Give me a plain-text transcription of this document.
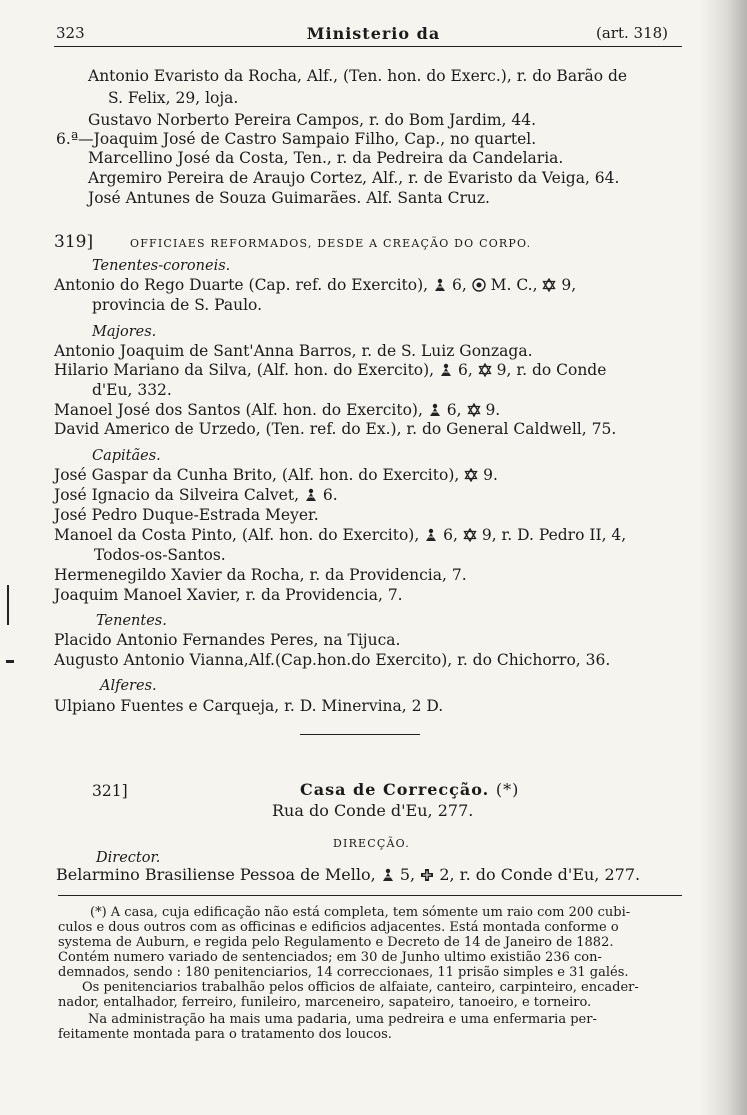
323	Ministerio da	(art. 318)
Antonio Evaristo da Rocha, Alf., (Ten. hon. do Exerc.), r. do Barão de
S. Felix, 29, loja.
Gustavo Norberto Pereira Campos, r. do Bom Jardim, 44.
6.ª—Joaquim José de Castro Sampaio Filho, Cap., no quartel.
Marcellino José da Costa, Ten., r. da Pedreira da Candelaria.
Argemiro Pereira de Araujo Cortez, Alf., r. de Evaristo da Veiga, 64.
José Antunes de Souza Guimarães. Alf. Santa Cruz.
319]	OFFICIAES REFORMADOS, DESDE A CREAÇÃO DO CORPO.
Tenentes-coroneis.
Antonio do Rego Duarte (Cap. ref. do Exercito), 6, M. C., 9,
provincia de S. Paulo.
Majores.
Antonio Joaquim de Sant'Anna Barros, r. de S. Luiz Gonzaga.
Hilario Mariano da Silva, (Alf. hon. do Exercito), 6, 9, r. do Conde
d'Eu, 332.
Manoel José dos Santos (Alf. hon. do Exercito), 6, 9.
David Americo de Urzedo, (Ten. ref. do Ex.), r. do General Caldwell, 75.
Capitães.
José Gaspar da Cunha Brito, (Alf. hon. do Exercito), 9.
José Ignacio da Silveira Calvet, 6.
José Pedro Duque-Estrada Meyer.
Manoel da Costa Pinto, (Alf. hon. do Exercito), 6, 9, r. D. Pedro II, 4,
Todos-os-Santos.
Hermenegildo Xavier da Rocha, r. da Providencia, 7.
Joaquim Manoel Xavier, r. da Providencia, 7.
Tenentes.
Placido Antonio Fernandes Peres, na Tijuca.
Augusto Antonio Vianna,Alf.(Cap.hon.do Exercito), r. do Chichorro, 36.
Alferes.
Ulpiano Fuentes e Carqueja, r. D. Minervina, 2 D.
321]	Casa de Correcção. (*)
Rua do Conde d'Eu, 277.
DIRECÇÃO.
Director.
Belarmino Brasiliense Pessoa de Mello, 5, 2, r. do Conde d'Eu, 277.
(*) A casa, cuja edificação não está completa, tem sómente um raio com 200 cubi-
culos e dous outros com as officinas e edificios adjacentes. Está montada conforme o
systema de Auburn, e regida pelo Regulamento e Decreto de 14 de Janeiro de 1882.
Contém numero variado de sentenciados; em 30 de Junho ultimo existião 236 con-
demnados, sendo : 180 penitenciarios, 14 correccionaes, 11 prisão simples e 31 galés.
Os penitenciarios trabalhão pelos officios de alfaiate, canteiro, carpinteiro, encader-
nador, entalhador, ferreiro, funileiro, marceneiro, sapateiro, tanoeiro, e torneiro.
Na administração ha mais uma padaria, uma pedreira e uma enfermaria per-
feitamente montada para o tratamento dos loucos.
